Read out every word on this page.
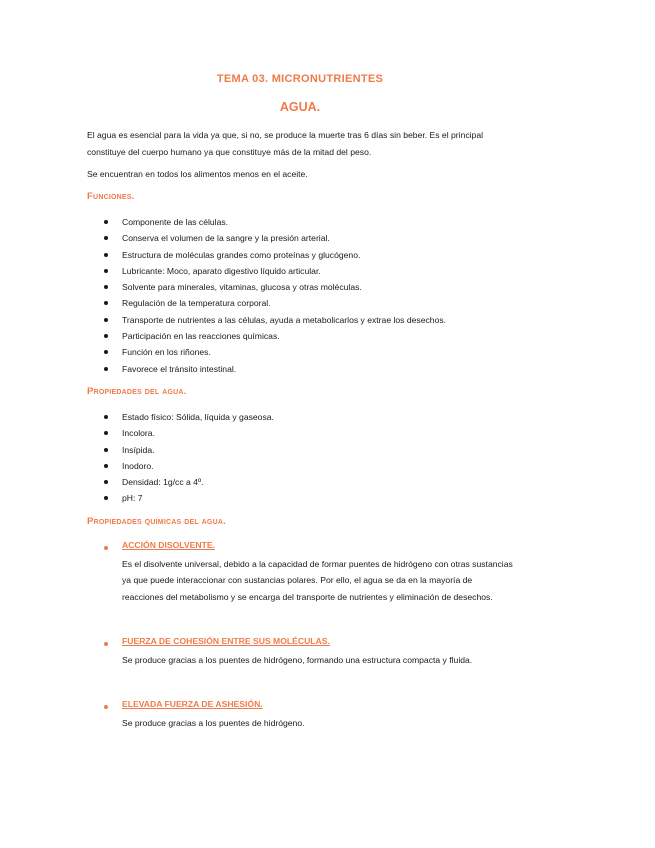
TEMA 03. MICRONUTRIENTES
AGUA.
El agua es esencial para la vida ya que, si no, se produce la muerte tras 6 días sin beber. Es el principal constituye del cuerpo humano ya que constituye más de la mitad del peso.
Se encuentran en todos los alimentos menos en el aceite.
Funciones.
Componente de las células.
Conserva el volumen de la sangre y la presión arterial.
Estructura de moléculas grandes como proteínas y glucógeno.
Lubricante: Moco, aparato digestivo líquido articular.
Solvente para minerales, vitaminas, glucosa y otras moléculas.
Regulación de la temperatura corporal.
Transporte de nutrientes a las células, ayuda a metabolicarlos y extrae los desechos.
Participación en las reacciones químicas.
Función en los riñones.
Favorece el tránsito intestinal.
Propiedades del agua.
Estado físico: Sólida, líquida y gaseosa.
Incolora.
Insípida.
Inodoro.
Densidad: 1g/cc a 4º.
pH: 7
Propiedades químicas del agua.
ACCIÓN DISOLVENTE.
Es el disolvente universal, debido a la capacidad de formar puentes de hidrógeno con otras sustancias ya que puede interaccionar con sustancias polares. Por ello, el agua se da en la mayoría de reacciones del metabolismo y se encarga del transporte de nutrientes y eliminación de desechos.
FUERZA DE COHESIÓN ENTRE SUS MOLÉCULAS.
Se produce gracias a los puentes de hidrógeno, formando una estructura compacta y fluida.
ELEVADA FUERZA DE ASHESIÓN.
Se produce gracias a los puentes de hidrógeno.
